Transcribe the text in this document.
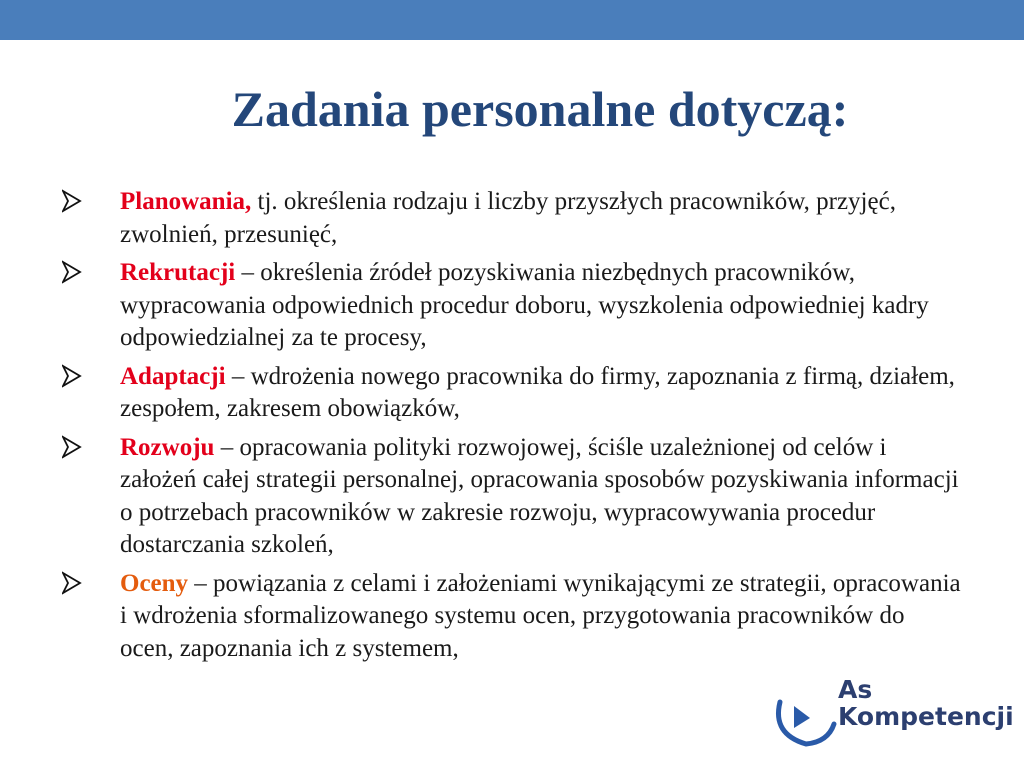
Zadania personalne dotyczą:
Planowania, tj. określenia rodzaju i liczby przyszłych pracowników, przyjęć, zwolnień, przesunięć,
Rekrutacji – określenia źródeł pozyskiwania niezbędnych pracowników, wypracowania odpowiednich procedur doboru, wyszkolenia odpowiedniej kadry odpowiedzialnej za te procesy,
Adaptacji – wdrożenia nowego pracownika do firmy, zapoznania z firmą, działem, zespołem, zakresem obowiązków,
Rozwoju – opracowania polityki rozwojowej, ściśle uzależnionej od celów i założeń całej strategii personalnej, opracowania sposobów pozyskiwania informacji o potrzebach pracowników w zakresie rozwoju, wypracowywania procedur dostarczania szkoleń,
Oceny – powiązania z celami i założeniami wynikającymi ze strategii, opracowania i wdrożenia sformalizowanego systemu ocen, przygotowania pracowników do ocen, zapoznania ich z systemem,
As
Kompetencji
